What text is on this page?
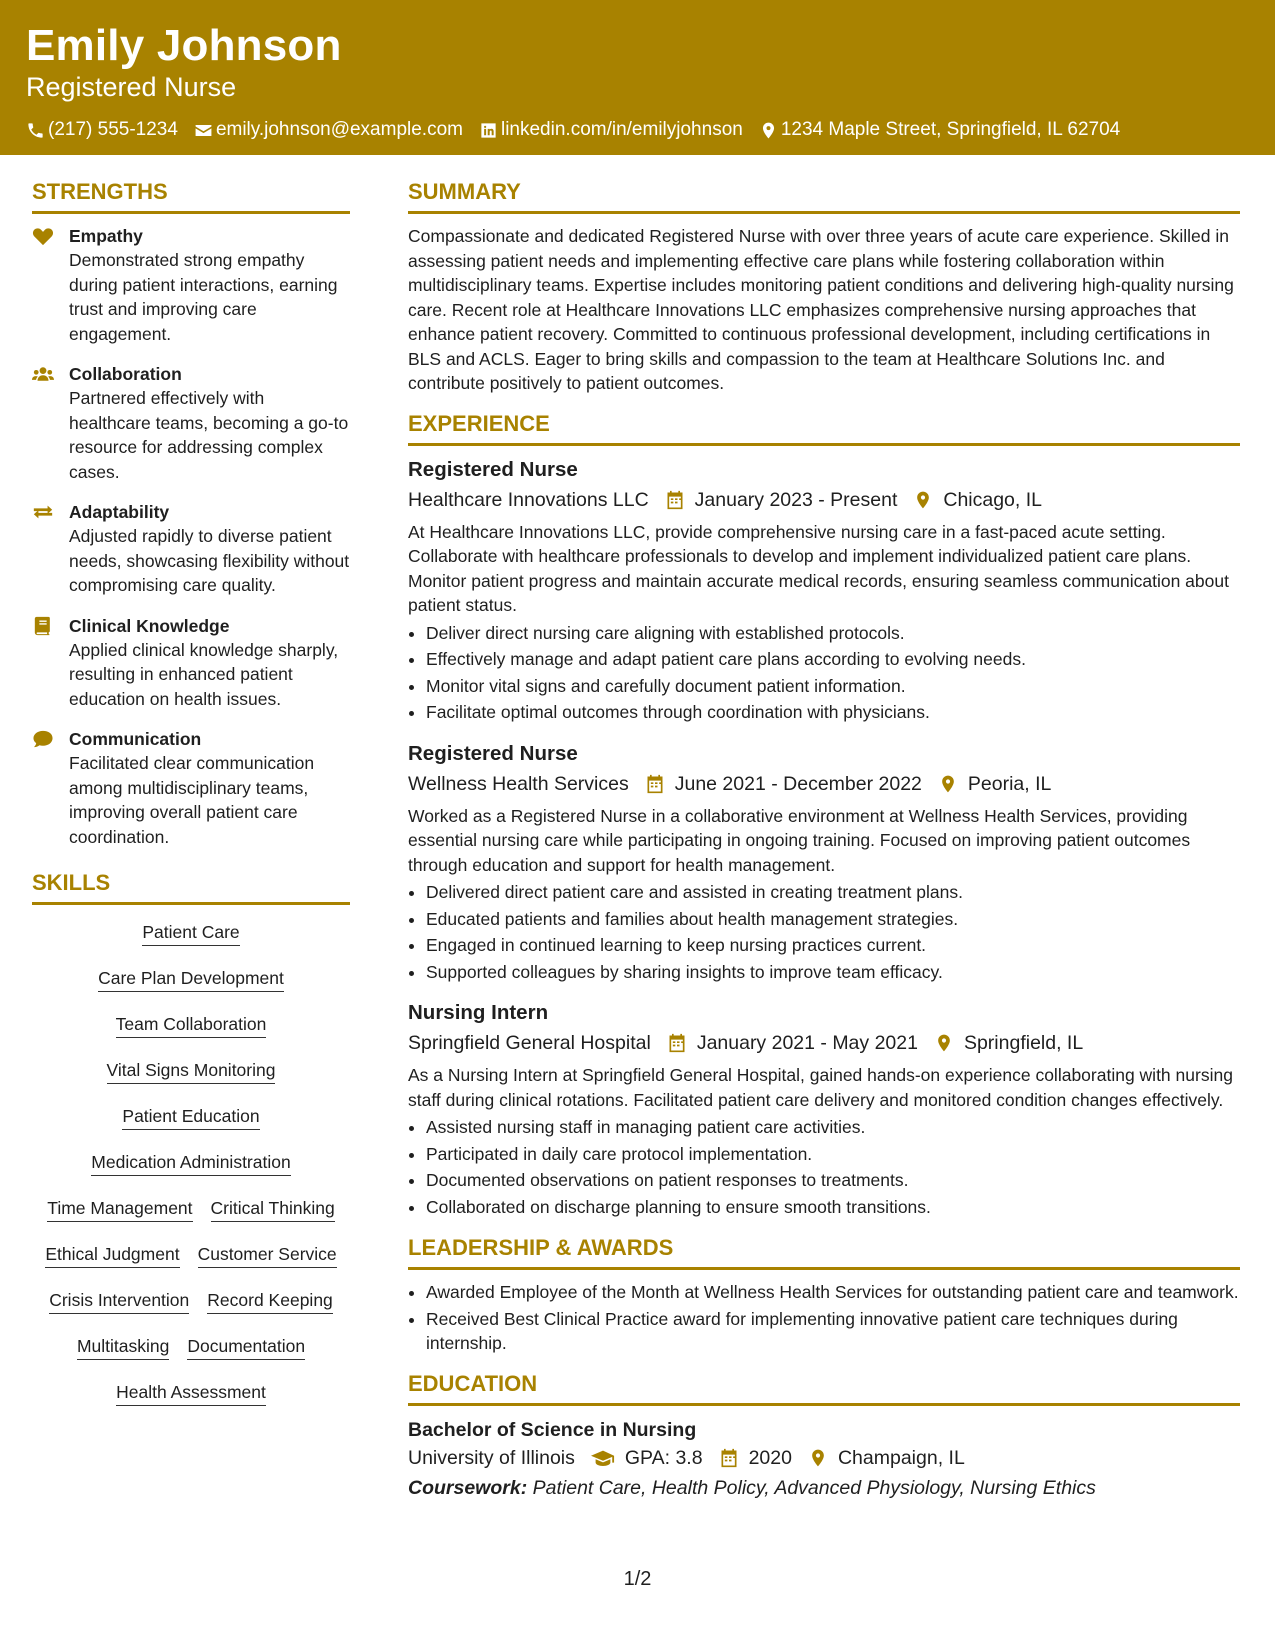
Emily Johnson
Registered Nurse
(217) 555-1234 emily.johnson@example.com linkedin.com/in/emilyjohnson 1234 Maple Street, Springfield, IL 62704
STRENGTHS
Empathy
Demonstrated strong empathy during patient interactions, earning trust and improving care engagement.
Collaboration
Partnered effectively with healthcare teams, becoming a go-to resource for addressing complex cases.
Adaptability
Adjusted rapidly to diverse patient needs, showcasing flexibility without compromising care quality.
Clinical Knowledge
Applied clinical knowledge sharply, resulting in enhanced patient education on health issues.
Communication
Facilitated clear communication among multidisciplinary teams, improving overall patient care coordination.
SKILLS
Patient Care
Care Plan Development
Team Collaboration
Vital Signs Monitoring
Patient Education
Medication Administration
Time Management Critical Thinking
Ethical Judgment Customer Service
Crisis Intervention Record Keeping
Multitasking Documentation
Health Assessment
SUMMARY

Compassionate and dedicated Registered Nurse with over three years of acute care experience. Skilled in assessing patient needs and implementing effective care plans while fostering collaboration within multidisciplinary teams. Expertise includes monitoring patient conditions and delivering high-quality nursing care. Recent role at Healthcare Innovations LLC emphasizes comprehensive nursing approaches that enhance patient recovery. Committed to continuous professional development, including certifications in BLS and ACLS. Eager to bring skills and compassion to the team at Healthcare Solutions Inc. and contribute positively to patient outcomes.

EXPERIENCE
Registered Nurse
Healthcare Innovations LLC January 2023 - Present Chicago, IL

At Healthcare Innovations LLC, provide comprehensive nursing care in a fast-paced acute setting. Collaborate with healthcare professionals to develop and implement individualized patient care plans. Monitor patient progress and maintain accurate medical records, ensuring seamless communication about patient status.

• Deliver direct nursing care aligning with established protocols.
• Effectively manage and adapt patient care plans according to evolving needs.
• Monitor vital signs and carefully document patient information.
• Facilitate optimal outcomes through coordination with physicians.
Registered Nurse
Wellness Health Services June 2021 - December 2022 Peoria, IL

Worked as a Registered Nurse in a collaborative environment at Wellness Health Services, providing essential nursing care while participating in ongoing training. Focused on improving patient outcomes through education and support for health management.

• Delivered direct patient care and assisted in creating treatment plans.
• Educated patients and families about health management strategies.
• Engaged in continued learning to keep nursing practices current.
• Supported colleagues by sharing insights to improve team efficacy.
Nursing Intern
Springfield General Hospital January 2021 - May 2021 Springfield, IL

As a Nursing Intern at Springfield General Hospital, gained hands-on experience collaborating with nursing staff during clinical rotations. Facilitated patient care delivery and monitored condition changes effectively.

• Assisted nursing staff in managing patient care activities.
• Participated in daily care protocol implementation.
• Documented observations on patient responses to treatments.
• Collaborated on discharge planning to ensure smooth transitions.
LEADERSHIP & AWARDS
• Awarded Employee of the Month at Wellness Health Services for outstanding patient care and teamwork.
• Received Best Clinical Practice award for implementing innovative patient care techniques during internship.
EDUCATION
Bachelor of Science in Nursing
University of Illinois	GPA: 3.8 2020 Champaign, IL
Coursework: Patient Care, Health Policy, Advanced Physiology, Nursing Ethics
1/2
